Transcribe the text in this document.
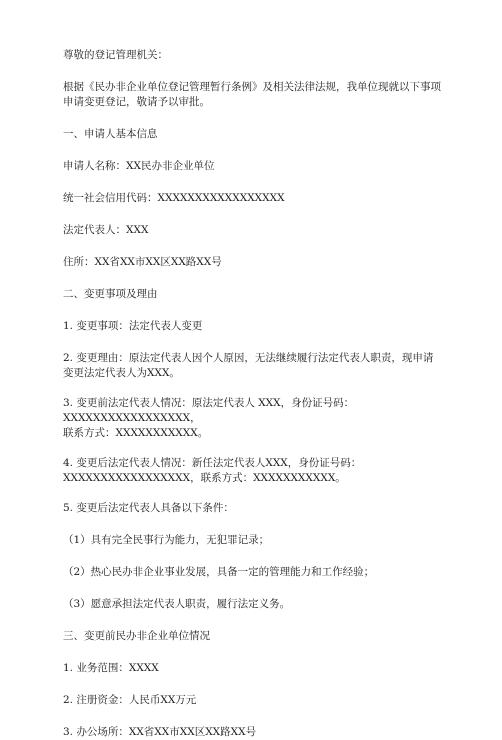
尊敬的登记管理机关：

根据《民办非企业单位登记管理暂行条例》及相关法律法规，我单位现就以下事项
申请变更登记，敬请予以审批。

一、申请人基本信息

申请人名称：XX民办非企业单位

统一社会信用代码：XXXXXXXXXXXXXXXXX

法定代表人：XXX

住所：XX省XX市XX区XX路XX号

二、变更事项及理由

1. 变更事项：法定代表人变更

2. 变更理由：原法定代表人因个人原因，无法继续履行法定代表人职责，现申请
变更法定代表人为XXX。

3. 变更前法定代表人情况：原法定代表人 XXX，身份证号码：XXXXXXXXXXXXXXXXX，
联系方式：XXXXXXXXXXX。

4. 变更后法定代表人情况：新任法定代表人XXX，身份证号码：
XXXXXXXXXXXXXXXXX，联系方式：XXXXXXXXXXX。

5. 变更后法定代表人具备以下条件：

（1）具有完全民事行为能力，无犯罪记录；

（2）热心民办非企业事业发展，具备一定的管理能力和工作经验；

（3）愿意承担法定代表人职责，履行法定义务。

三、变更前民办非企业单位情况

1. 业务范围：XXXX

2. 注册资金：人民币XX万元

3. 办公场所：XX省XX市XX区XX路XX号
